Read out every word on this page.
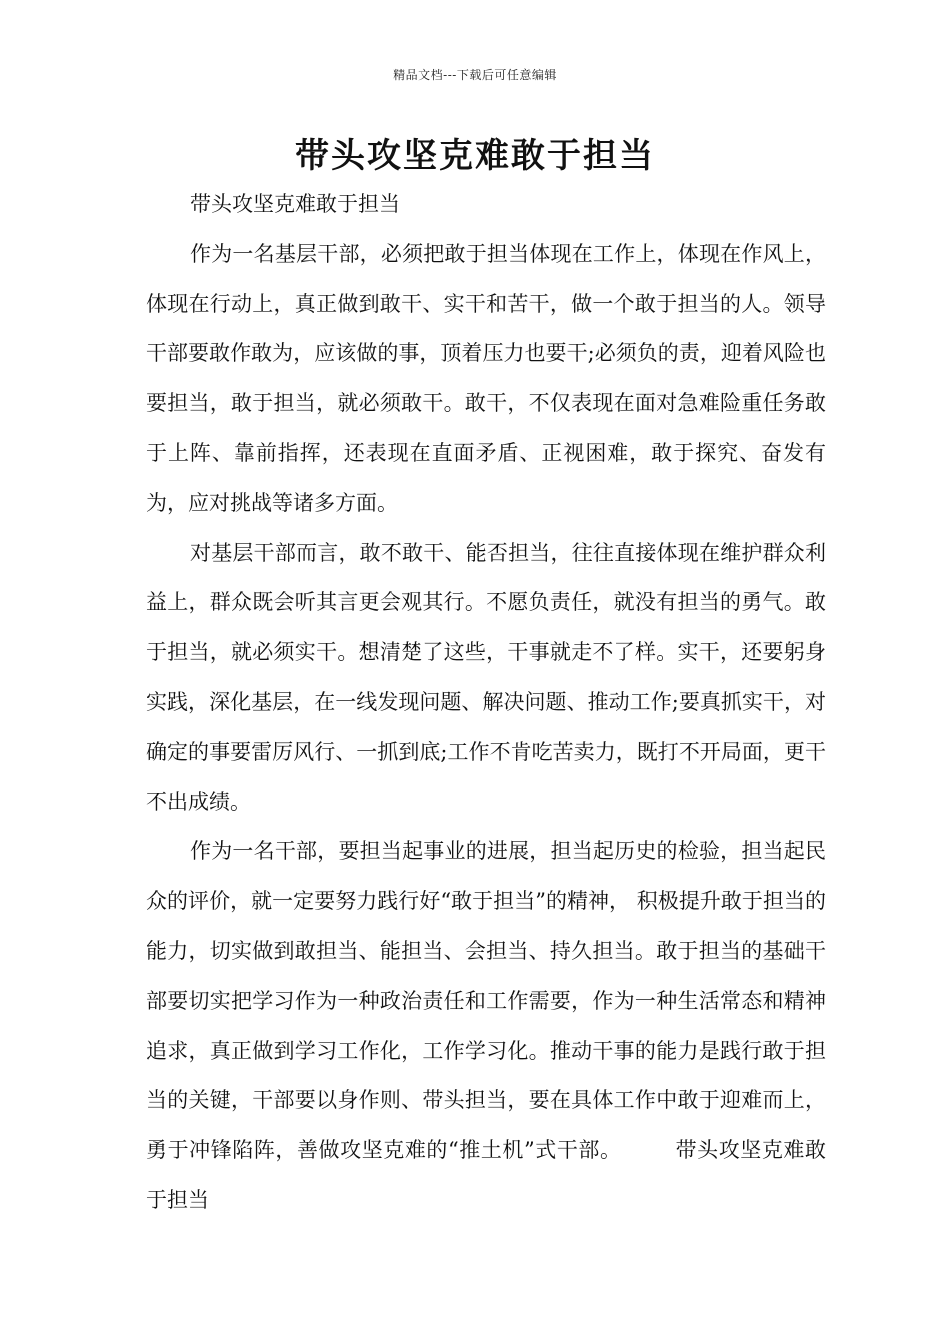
精品文档---下载后可任意编辑
带头攻坚克难敢于担当

带头攻坚克难敢于担当

作为一名基层干部，必须把敢于担当体现在工作上，体现在作风上，体现在行动上，真正做到敢干、实干和苦干，做一个敢于担当的人。领导干部要敢作敢为，应该做的事，顶着压力也要干;必须负的责，迎着风险也要担当，敢于担当，就必须敢干。敢干，不仅表现在面对急难险重任务敢于上阵、靠前指挥，还表现在直面矛盾、正视困难，敢于探究、奋发有为，应对挑战等诸多方面。

对基层干部而言，敢不敢干、能否担当，往往直接体现在维护群众利益上，群众既会听其言更会观其行。不愿负责任，就没有担当的勇气。敢于担当，就必须实干。想清楚了这些，干事就走不了样。实干，还要躬身实践，深化基层，在一线发现问题、解决问题、推动工作;要真抓实干，对确定的事要雷厉风行、一抓到底;工作不肯吃苦卖力，既打不开局面，更干不出成绩。

作为一名干部，要担当起事业的进展，担当起历史的检验，担当起民众的评价，就一定要努力践行好“敢于担当”的精神， 积极提升敢于担当的能力，切实做到敢担当、能担当、会担当、持久担当。敢于担当的基础干部要切实把学习作为一种政治责任和工作需要，作为一种生活常态和精神追求，真正做到学习工作化，工作学习化。推动干事的能力是践行敢于担当的关键，干部要以身作则、带头担当，要在具体工作中敢于迎难而上，勇于冲锋陷阵，善做攻坚克难的“推土机”式干部。	带头攻坚克难敢于担当
